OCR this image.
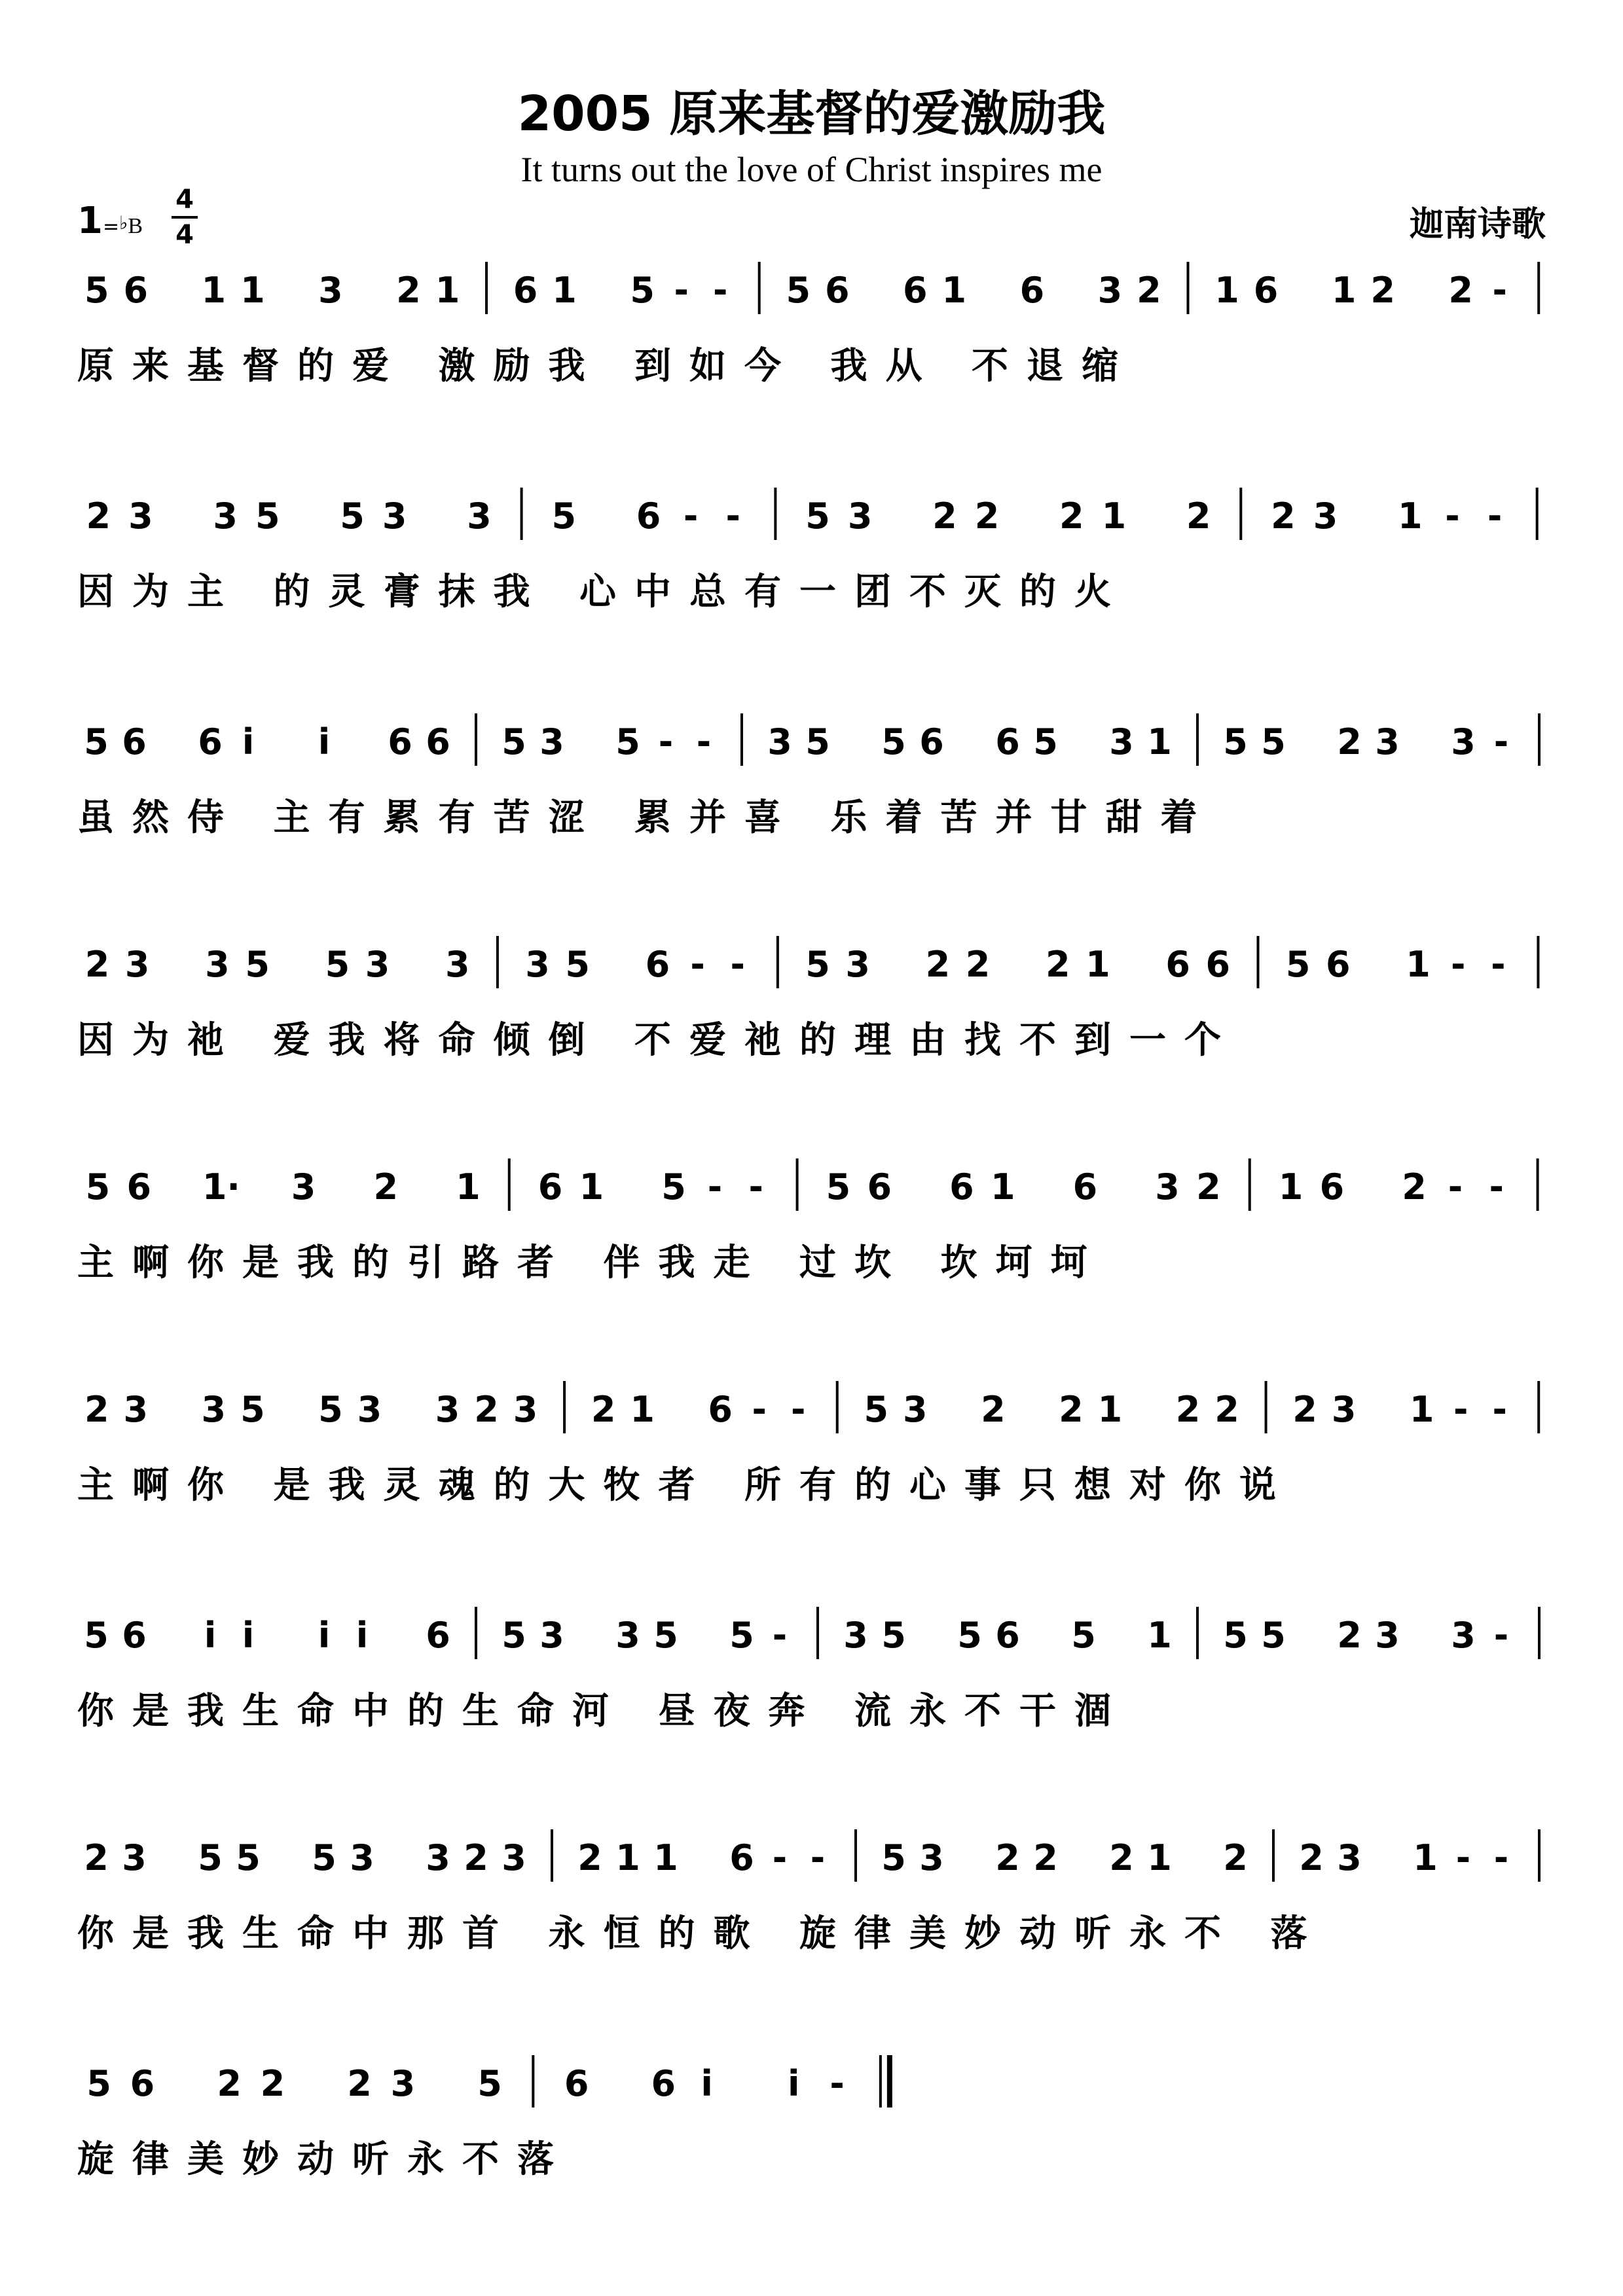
2005 原来基督的爱激励我
It turns out the love of Christ inspires me
1=♭B
4
4	迦南诗歌
5 6 1 1 3 2 1 6 1 5 - - 5 6 6 1 6 3 2 1 6 1 2 2 -
原来基督的爱 激励我 到如今 我从 不退缩
2 3 3 5 5 3 3 5 6 - - 5 3 2 2 2 1 2 2 3 1 - -
因为主 的灵膏抹我 心中总有一团不灭的火
5 6 6 i i 6 6 5 3 5 - - 3 5 5 6 6 5 3 1 5 5 2 3 3 -
虽然侍 主有累有苦涩 累并喜 乐着苦并甘甜着
2 3 3 5 5 3 3 3 5 6 - - 5 3 2 2 2 1 6 6 5 6 1 - -
因为祂 爱我将命倾倒 不爱祂的理由找不到一个
5 6 1· 3 2 1 6 1 5 - - 5 6 6 1 6 3 2 1 6 2 - -
主啊你是我的引路者 伴我走 过坎 坎坷坷
2 3 3 5 5 3 3 2 3 2 1 6 - - 5 3 2 2 1 2 2 2 3 1 - -
主啊你 是我灵魂的大牧者 所有的心事只想对你说
5 6 i i i i 6 5 3 3 5 5 - 3 5 5 6 5 1 5 5 2 3 3 -
你是我生命中的生命河 昼夜奔 流永不干涸
2 3 5 5 5 3 3 2 3 2 1 1 6 - - 5 3 2 2 2 1 2 2 3 1 - -
你是我生命中那首 永恒的歌 旋律美妙动听永不 落
5 6 2 2 2 3 5 6 6 i i -
旋律美妙动听永不落
